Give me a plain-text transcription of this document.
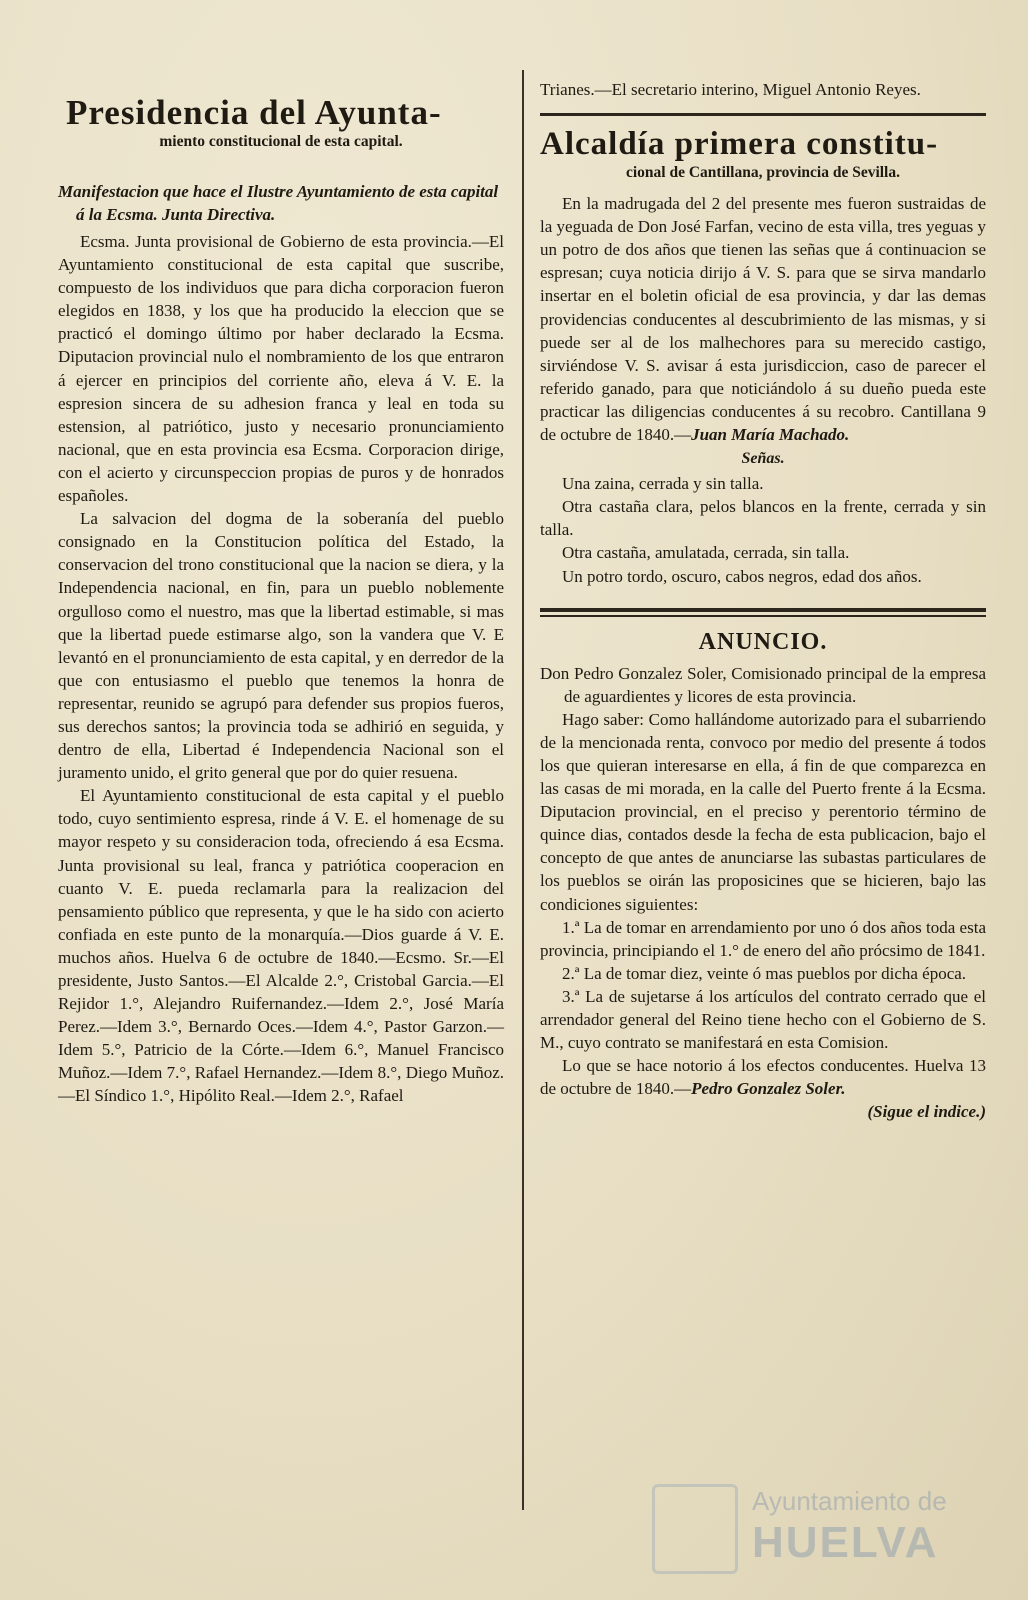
Presidencia del Ayunta-
miento constitucional de esta capital.
Manifestacion que hace el Ilustre Ayuntamiento de esta capital á la Ecsma. Junta Directiva.

Ecsma. Junta provisional de Gobierno de esta provincia.—El Ayuntamiento constitucional de esta capital que suscribe, compuesto de los individuos que para dicha corporacion fueron elegidos en 1838, y los que ha producido la eleccion que se practicó el domingo último por haber declarado la Ecsma. Diputacion provincial nulo el nombramiento de los que entraron á ejercer en principios del corriente año, eleva á V. E. la espresion sincera de su adhesion franca y leal en toda su estension, al patriótico, justo y necesario pronunciamiento nacional, que en esta provincia esa Ecsma. Corporacion dirige, con el acierto y circunspeccion propias de puros y de honrados españoles.

La salvacion del dogma de la soberanía del pueblo consignado en la Constitucion política del Estado, la conservacion del trono constitucional que la nacion se diera, y la Independencia nacional, en fin, para un pueblo noblemente orgulloso como el nuestro, mas que la libertad estimable, si mas que la libertad puede estimarse algo, son la vandera que V. E levantó en el pronunciamiento de esta capital, y en derredor de la que con entusiasmo el pueblo que tenemos la honra de representar, reunido se agrupó para defender sus propios fueros, sus derechos santos; la provincia toda se adhirió en seguida, y dentro de ella, Libertad é Independencia Nacional son el juramento unido, el grito general que por do quier resuena.

El Ayuntamiento constitucional de esta capital y el pueblo todo, cuyo sentimiento espresa, rinde á V. E. el homenage de su mayor respeto y su consideracion toda, ofreciendo á esa Ecsma. Junta provisional su leal, franca y patriótica cooperacion en cuanto V. E. pueda reclamarla para la realizacion del pensamiento público que representa, y que le ha sido con acierto confiada en este punto de la monarquía.—Dios guarde á V. E. muchos años. Huelva 6 de octubre de 1840.—Ecsmo. Sr.—El presidente, Justo Santos.—El Alcalde 2.°, Cristobal Garcia.—El Rejidor 1.°, Alejandro Ruifernandez.—Idem 2.°, José María Perez.—Idem 3.°, Bernardo Oces.—Idem 4.°, Pastor Garzon.—Idem 5.°, Patricio de la Córte.—Idem 6.°, Manuel Francisco Muñoz.—Idem 7.°, Rafael Hernandez.—Idem 8.°, Diego Muñoz.—El Síndico 1.°, Hipólito Real.—Idem 2.°, Rafael

Trianes.—El secretario interino, Miguel Antonio Reyes.

Alcaldía primera constitu-
cional de Cantillana, provincia de Sevilla.

En la madrugada del 2 del presente mes fueron sustraidas de la yeguada de Don José Farfan, vecino de esta villa, tres yeguas y un potro de dos años que tienen las señas que á continuacion se espresan; cuya noticia dirijo á V. S. para que se sirva mandarlo insertar en el boletin oficial de esa provincia, y dar las demas providencias conducentes al descubrimiento de las mismas, y si puede ser al de los malhechores para su merecido castigo, sirviéndose V. S. avisar á esta jurisdiccion, caso de parecer el referido ganado, para que noticiándolo á su dueño pueda este practicar las diligencias conducentes á su recobro. Cantillana 9 de octubre de 1840.—Juan María Machado.

Señas.

Una zaina, cerrada y sin talla.

Otra castaña clara, pelos blancos en la frente, cerrada y sin talla.

Otra castaña, amulatada, cerrada, sin talla.

Un potro tordo, oscuro, cabos negros, edad dos años.

ANUNCIO.

Don Pedro Gonzalez Soler, Comisionado principal de la empresa de aguardientes y licores de esta provincia.

Hago saber: Como hallándome autorizado para el subarriendo de la mencionada renta, convoco por medio del presente á todos los que quieran interesarse en ella, á fin de que comparezca en las casas de mi morada, en la calle del Puerto frente á la Ecsma. Diputacion provincial, en el preciso y perentorio término de quince dias, contados desde la fecha de esta publicacion, bajo el concepto de que antes de anunciarse las subastas particulares de los pueblos se oirán las proposicines que se hicieren, bajo las condiciones siguientes:

1.ª La de tomar en arrendamiento por uno ó dos años toda esta provincia, principiando el 1.° de enero del año prócsimo de 1841.

2.ª La de tomar diez, veinte ó mas pueblos por dicha época.

3.ª La de sujetarse á los artículos del contrato cerrado que el arrendador general del Reino tiene hecho con el Gobierno de S. M., cuyo contrato se manifestará en esta Comision.

Lo que se hace notorio á los efectos conducentes. Huelva 13 de octubre de 1840.—Pedro Gonzalez Soler.
(Sigue el indice.)

Ayuntamiento de
HUELVA
